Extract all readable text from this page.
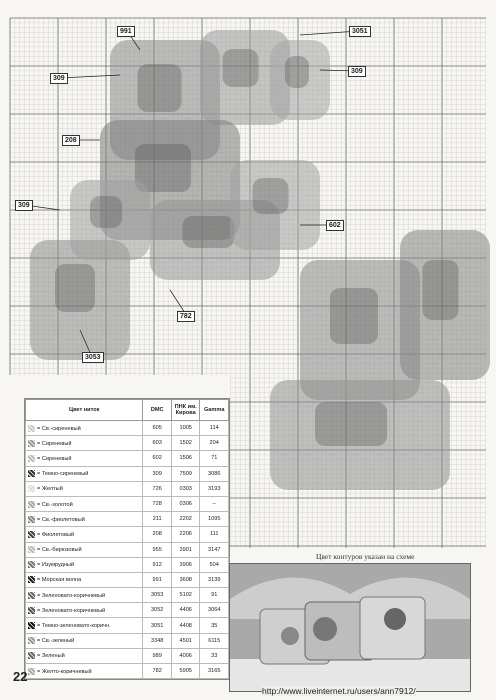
991	3051
309
309
208
309
602
782
3053
Цвет ниток	DMC	ПНК им. Кирова	Gamma
= Св.-сиреневый	605	1005	114
= Сиреневый	603	1502	204
= Сиреневый	602	1506	71
= Темно-сиреневый	309	7509	3086
= Желтый	726	0303	3193
= Св.-золотой	728	0306	–
= Св.-фиолетовый	211	2202	1095
= Фиолетовый	208	2206	111
= Св.-бирюзовый	955	3901	3147
= Изумрудный	912	3906	504
= Морская волна	991	3608	3139
= Зеленовато-коричневый	3053	5102	91
= Зеленовато-коричневый	3052	4406	3064
= Темно-зеленовато-коричн.	3051	4408	35
= Св.-зеленый	3348	4501	6115
= Зеленый	989	4006	33
= Желто-коричневый	782	5905	3165
Цвет контуров указан на схеме
22
http://www.liveinternet.ru/users/ann7912/
